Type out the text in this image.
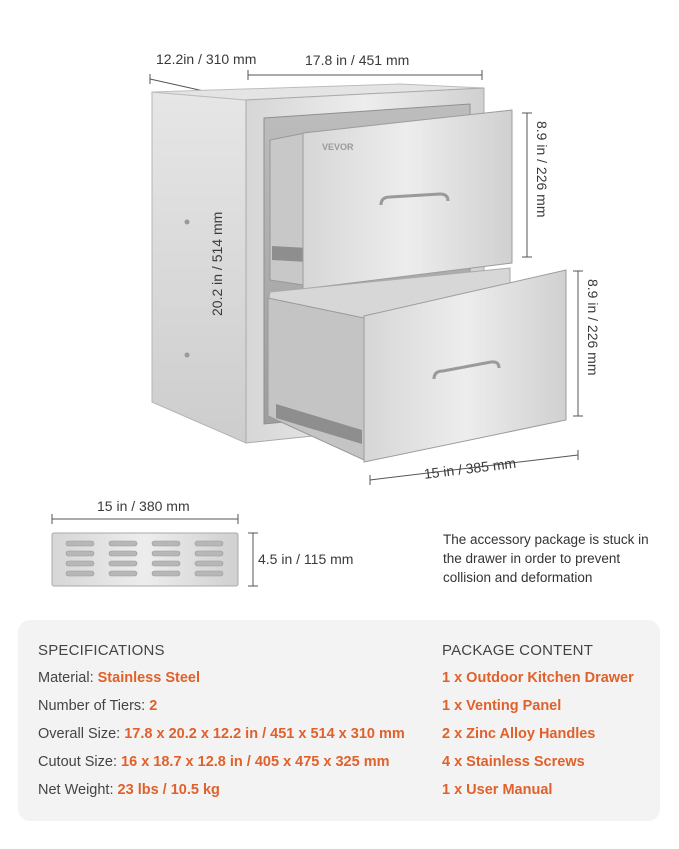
VEVOR
12.2in / 310 mm	17.8 in / 451 mm
20.2 in / 514 mm
8.9 in / 226 mm
8.9 in / 226 mm
15 in / 385 mm
15 in / 380 mm
4.5 in / 115 mm
The accessory package is stuck in the drawer in order to prevent collision and deformation
SPECIFICATIONS
Material: Stainless Steel
Number of Tiers: 2
Overall Size: 17.8 x 20.2 x 12.2 in / 451 x 514 x 310 mm
Cutout Size: 16 x 18.7 x 12.8 in / 405 x 475 x 325 mm
Net Weight: 23 lbs / 10.5 kg
PACKAGE CONTENT
1 x Outdoor Kitchen Drawer
1 x Venting Panel
2 x Zinc Alloy Handles
4 x Stainless Screws
1 x User Manual
